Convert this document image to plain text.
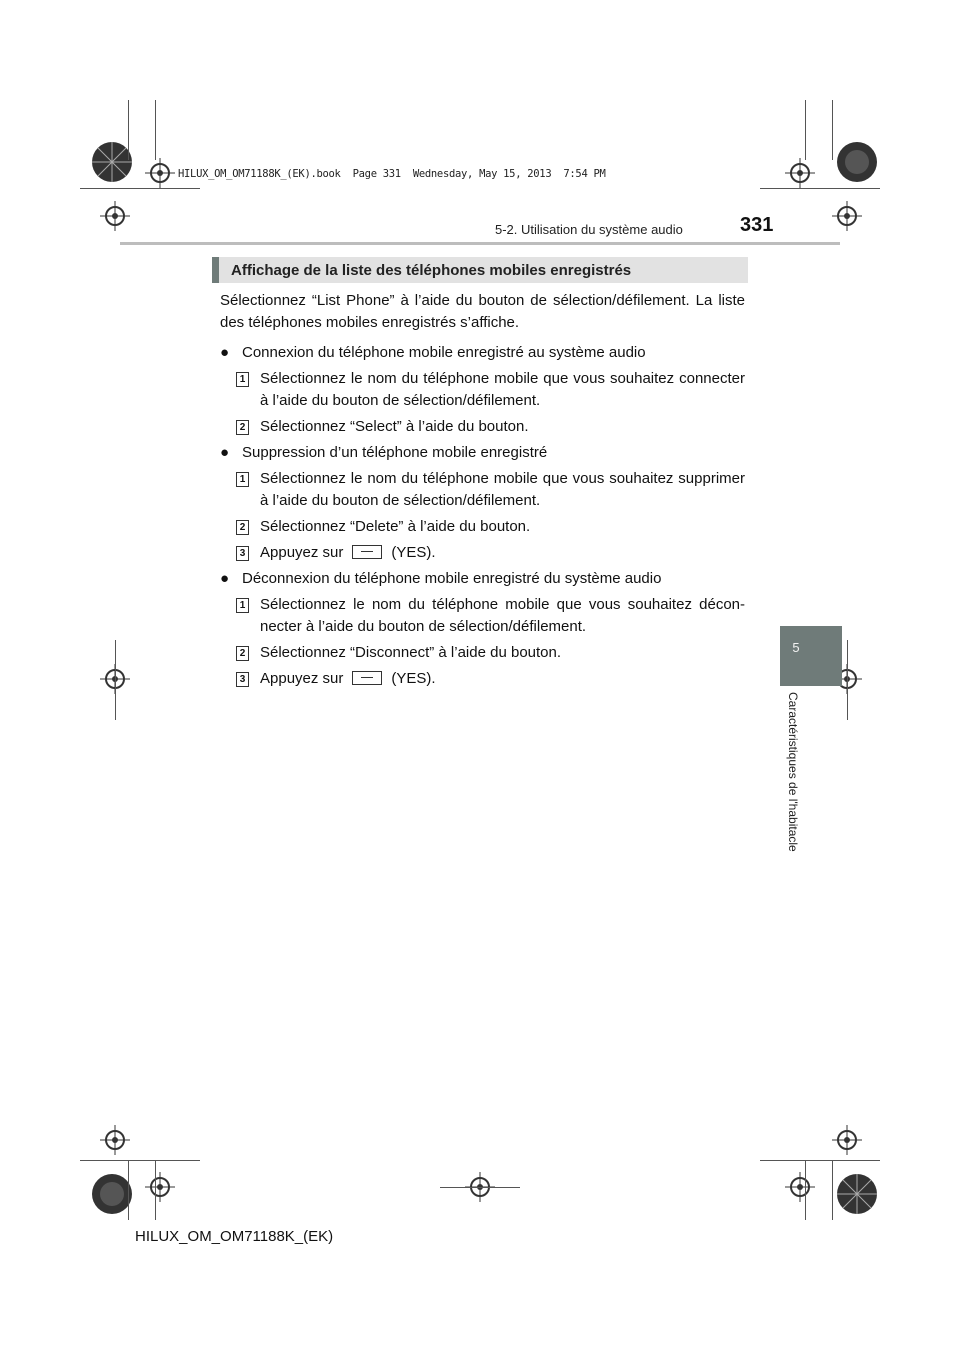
HILUX_OM_OM71188K_(EK).book  Page 331  Wednesday, May 15, 2013  7:54 PM
5-2. Utilisation du système audio	331
5
Caractéristiques de l'habitacle
Affichage de la liste des téléphones mobiles enregistrés

Sélectionnez “List Phone” à l’aide du bouton de sélection/défilement. La liste des téléphones mobiles enregistrés s’affiche.

● Connexion du téléphone mobile enregistré au système audio
1 Sélectionnez le nom du téléphone mobile que vous souhaitez connecter à l’aide du bouton de sélection/défilement.

2 Sélectionnez “Select” à l’aide du bouton.

● Suppression d’un téléphone mobile enregistré
1 Sélectionnez le nom du téléphone mobile que vous souhaitez supprimer à l’aide du bouton de sélection/défilement.

2 Sélectionnez “Delete” à l’aide du bouton.

3 Appuyez sur	(YES).

● Déconnexion du téléphone mobile enregistré du système audio
1 Sélectionnez le nom du téléphone mobile que vous souhaitez décon-necter à l’aide du bouton de sélection/défilement.

2 Sélectionnez “Disconnect” à l’aide du bouton.

3 Appuyez sur	(YES).

HILUX_OM_OM71188K_(EK)
